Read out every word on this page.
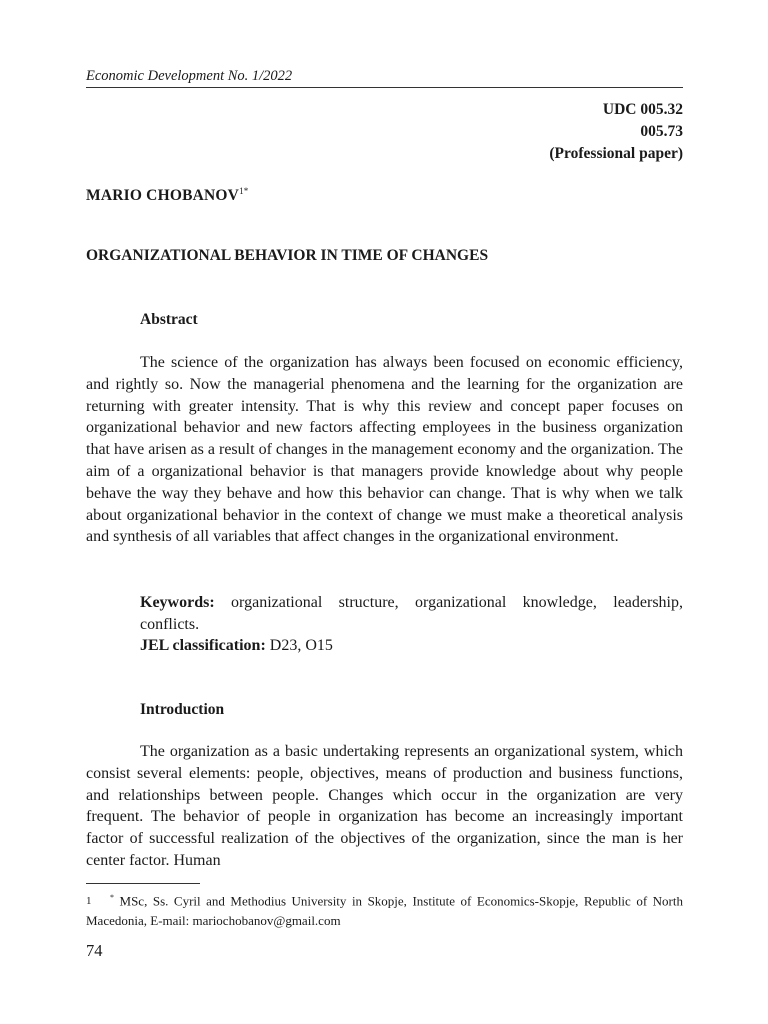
Economic Development No. 1/2022
UDC 005.32
005.73
(Professional paper)
MARIO $CHOBANOV^{1*}$
ORGANIZATIONAL BEHAVIOR IN TIME OF CHANGES
Abstract
The science of the organization has always been focused on economic efficiency, and rightly so. Now the managerial phenomena and the learning for the organization are returning with greater intensity. That is why this review and concept paper focuses on organizational behavior and new factors affecting employees in the business organization that have arisen as a result of changes in the management economy and the organization. The aim of a organizational behavior is that managers provide knowledge about why people behave the way they behave and how this behavior can change. That is why when we talk about organizational behavior in the context of change we must make a theoretical analysis and synthesis of all variables that affect changes in the organizational environment.
Keywords: organizational structure, organizational knowledge, leadership, conflicts.
JEL classification: D23, O15
Introduction
The organization as a basic undertaking represents an organizational system, which consist several elements: people, objectives, means of production and business functions, and relationships between people. Changes which occur in the organization are very frequent. The behavior of people in organization has become an increasingly important factor of successful realization of the objectives of the organization, since the man is her center factor. Human
1 * MSc, Ss. Cyril and Methodius University in Skopje, Institute of Economics-Skopje, Republic of North Macedonia, E-mail: mariochobanov@gmail.com
74
